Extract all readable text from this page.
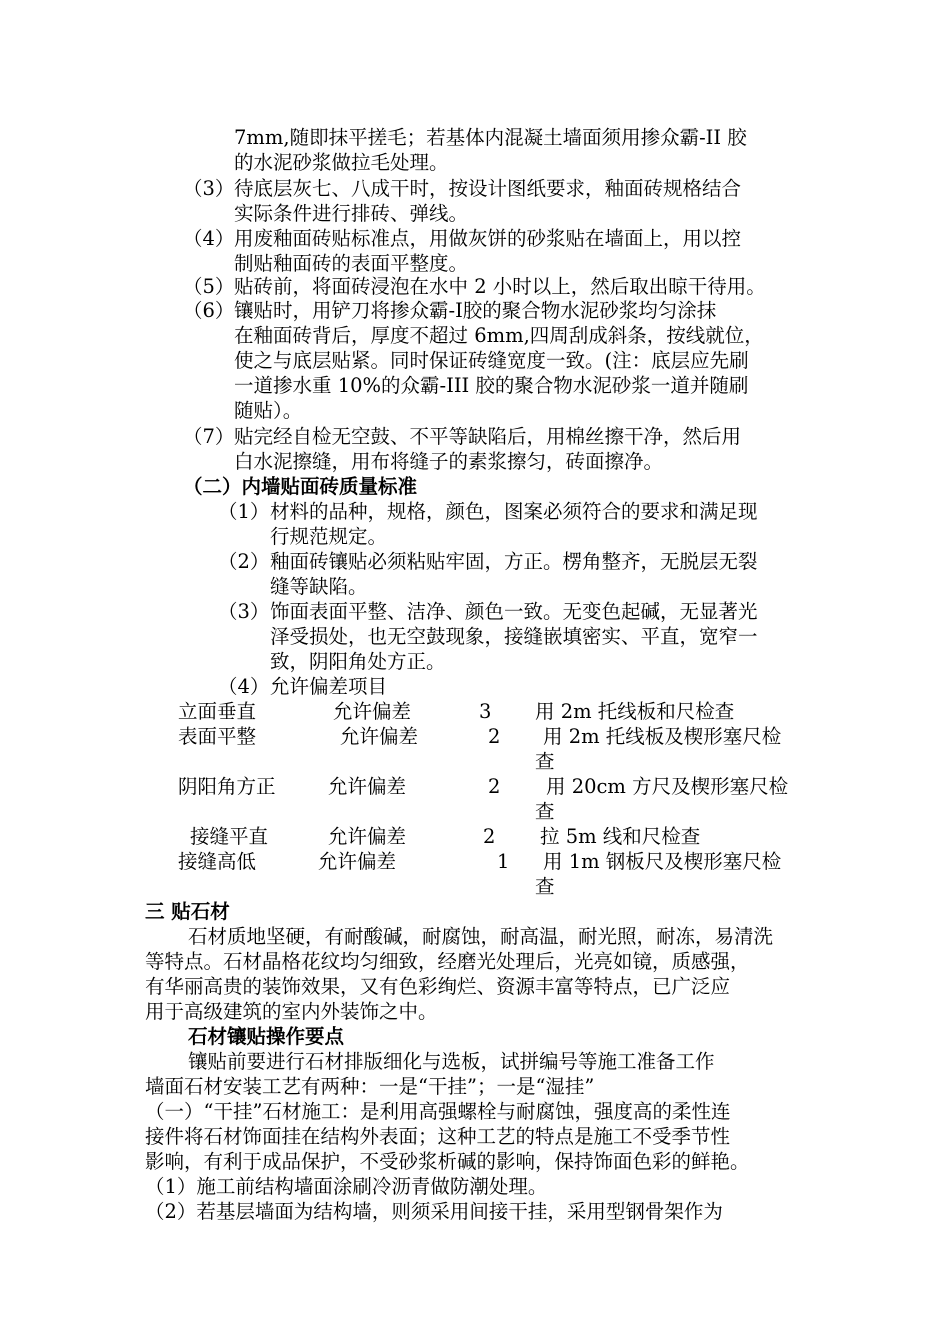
7mm,随即抹平搓毛；若基体内混凝土墙面须用掺众霸-II 胶
的水泥砂浆做拉毛处理。
（3） 待底层灰七、八成干时，按设计图纸要求，釉面砖规格结合
实际条件进行排砖、弹线。
（4） 用废釉面砖贴标准点，用做灰饼的砂浆贴在墙面上，用以控
制贴釉面砖的表面平整度。
（5） 贴砖前，将面砖浸泡在水中 2 小时以上，然后取出晾干待用。
（6） 镶贴时，用铲刀将掺众霸-Ⅰ胶的聚合物水泥砂浆均匀涂抹
在釉面砖背后，厚度不超过 6mm,四周刮成斜条，按线就位，
使之与底层贴紧。同时保证砖缝宽度一致。(注：底层应先刷
一道掺水重 10%的众霸-III 胶的聚合物水泥砂浆一道并随刷
随贴）。
（7） 贴完经自检无空鼓、不平等缺陷后，用棉丝擦干净，然后用
白水泥擦缝，用布将缝子的素浆擦匀，砖面擦净。
（二）内墙贴面砖质量标准
（1） 材料的品种，规格，颜色，图案必须符合的要求和满足现
行规范规定。
（2） 釉面砖镶贴必须粘贴牢固，方正。楞角整齐，无脱层无裂
缝等缺陷。
（3） 饰面表面平整、洁净、颜色一致。无变色起碱，无显著光
泽受损处，也无空鼓现象，接缝嵌填密实、平直，宽窄一
致，阴阳角处方正。
（4） 允许偏差项目
立面垂直	允许偏差	3 用 2m 托线板和尺检查
表面平整	允许偏差	2 用 2m 托线板及楔形塞尺检
查
阴阳角方正	允许偏差	2 用 20cm 方尺及楔形塞尺检
查
接缝平直	允许偏差	2 拉 5m 线和尺检查
接缝高低	允许偏差	1 用 1m 钢板尺及楔形塞尺检
查
三 贴石材
石材质地坚硬，有耐酸碱，耐腐蚀，耐高温，耐光照，耐冻，易清洗
等特点。石材晶格花纹均匀细致，经磨光处理后，光亮如镜，质感强，
有华丽高贵的装饰效果，又有色彩绚烂、资源丰富等特点，已广泛应
用于高级建筑的室内外装饰之中。
石材镶贴操作要点
镶贴前要进行石材排版细化与选板，试拼编号等施工准备工作
墙面石材安装工艺有两种：一是“干挂”；一是“湿挂”
（一）“干挂”石材施工：是利用高强螺栓与耐腐蚀，强度高的柔性连
接件将石材饰面挂在结构外表面；这种工艺的特点是施工不受季节性
影响，有利于成品保护，不受砂浆析碱的影响，保持饰面色彩的鲜艳。
（1）施工前结构墙面涂刷冷沥青做防潮处理。
（2）若基层墙面为结构墙，则须采用间接干挂，采用型钢骨架作为
